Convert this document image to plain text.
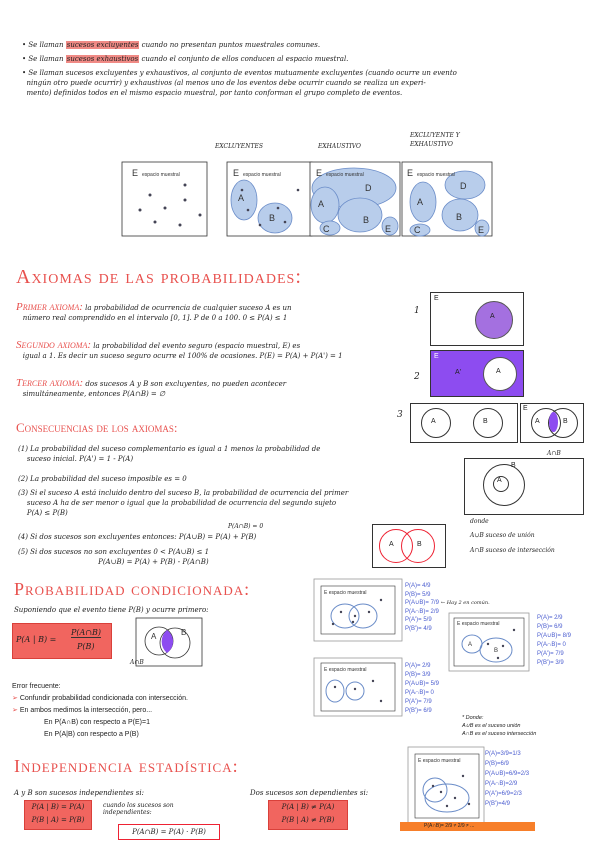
• Se llaman sucesos excluyentes cuando no presentan puntos muestrales comunes.
• Se llaman sucesos exhaustivos cuando el conjunto de ellos conducen al espacio muestral.
• Se llaman sucesos excluyentes y exhaustivos, al conjunto de eventos mutuamente excluyentes (cuando ocurre un evento
ningún otro puede ocurrir) y exhaustivos (al menos uno de los eventos debe ocurrir cuando se realiza un experi-
mento) definidos todos en el mismo espacio muestral, por tanto conforman el grupo completo de eventos.
EXCLUYENTES	EXHAUSTIVO
EXCLUYENTE Y
EXHAUSTIVO
E espacio muestral	E espacio muestral
A
B
E espacio muestral
D
A
B
C	E
E espacio muestral
D
A
B
C	E
Axiomas de las probabilidades:
Primer axioma: la probabilidad de ocurrencia de cualquier suceso A es un
número real comprendido en el intervalo [0, 1]. P de 0 a 100. 0 ≤ P(A) ≤ 1
Segundo axioma: la probabilidad del evento seguro (espacio muestral, E) es
igual a 1. Es decir un suceso seguro ocurre el 100% de ocasiones. P(E) = P(A) + P(A') = 1
Tercer axioma: dos sucesos A y B son excluyentes, no pueden acontecer
simultáneamente, entonces P(A∩B) = ∅
1
E
A
2
E
A'	A
3
A	B
E
A	B
A∩B
Consecuencias de los axiomas:
(1) La probabilidad del suceso complementario es igual a 1 menos la probabilidad de
suceso inicial. P(A') = 1 - P(A)
(2) La probabilidad del suceso imposible es = 0
(3) Si el suceso A está incluido dentro del suceso B, la probabilidad de ocurrencia del primer
suceso A ha de ser menor o igual que la probabilidad de ocurrencia del segundo sujeto
P(A) ≤ P(B)
P(A∩B) = 0
(4) Si dos sucesos son excluyentes entonces: P(A∪B) = P(A) + P(B)
(5) Si dos sucesos no son excluyentes 0 < P(A∪B) ≤ 1
P(A∪B) = P(A) + P(B) - P(A∩B)
A
B
A	B
donde
A∪B suceso de unión
A∩B suceso de intersección
Probabilidad condicionada:
Suponiendo que el evento tiene P(B) y ocurre primero:
P(A | B) =
P(A∩B)
P(B)
A	B
A∩B
Error frecuente:
➢ Confundir probabilidad condicionada con intersección.
➢ En ambos medimos la intersección, pero...
En P(A∩B) con respecto a P(E)=1
En P(A|B) con respecto a P(B)
E espacio muestral
P(A)= 4/9
P(B)= 5/9
P(A∪B)= 7/9
P(A∩B)= 2/9
P(A')= 5/9
P(B')= 4/9
← Hay 2 en común.
E espacio muestral
A
B
P(A)= 2/9
P(B)= 6/9
P(A∪B)= 8/9
P(A∩B)= 0
P(A')= 7/9
P(B')= 3/9
E espacio muestral
P(A)= 2/9
P(B)= 3/9
P(A∪B)= 5/9
P(A∩B)= 0
P(A')= 7/9
P(B')= 6/9
* Donde:
A∪B es el suceso unión
A∩B es el suceso intersección
Independencia estadística:
A y B son sucesos independientes si:	Dos sucesos son dependientes si:
P(A | B) = P(A)
P(B | A) = P(B)
cuando los sucesos son independientes:
P(A∩B) = P(A) · P(B)
P(A | B) ≠ P(A)
P(B | A) ≠ P(B)
E espacio muestral
P(A)=3/9=1/3
P(B)=6/9
P(A∪B)=6/9=2/3
P(A∩B)=2/9
P(A')=6/9=2/3
P(B')=4/9
P(A∩B)= 2/9 ≠ 2/9 ≠ ...
